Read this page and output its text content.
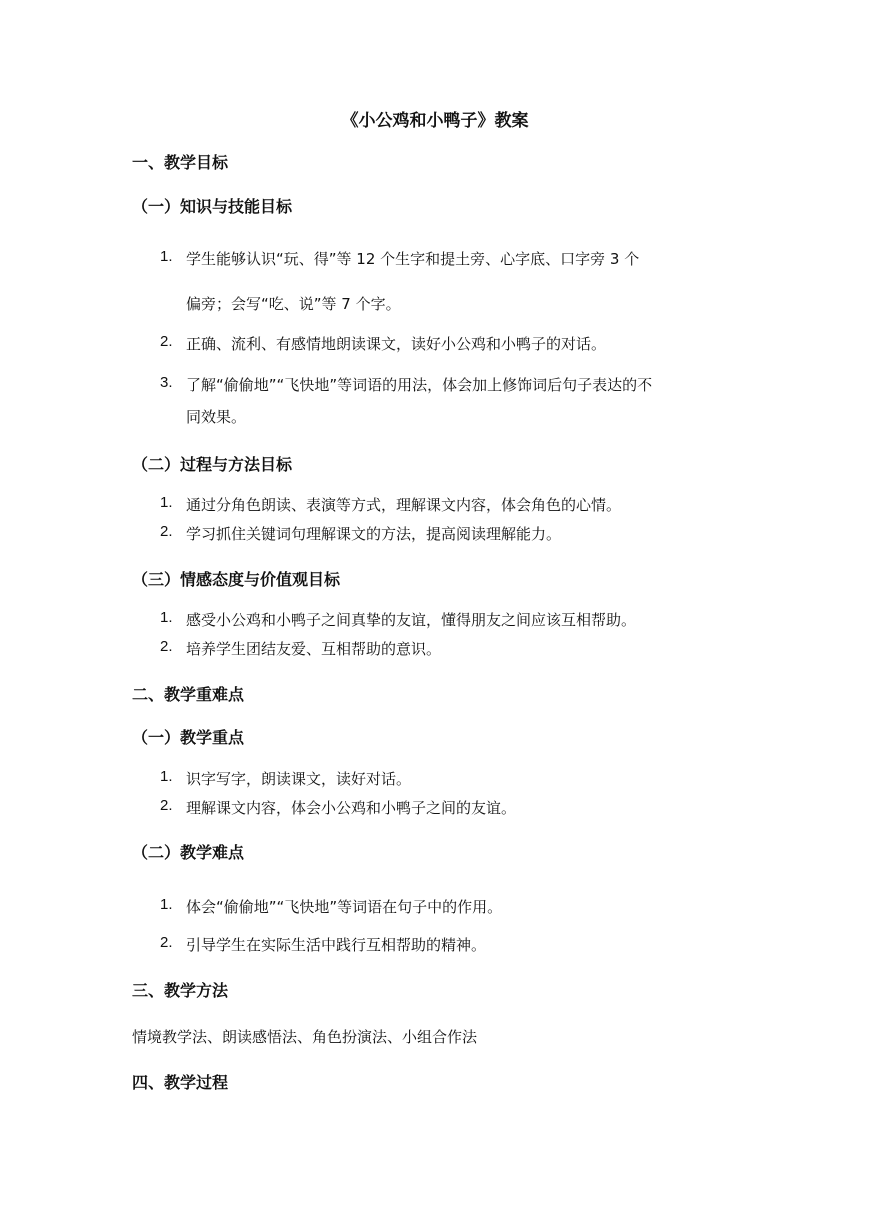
《小公鸡和小鸭子》教案
一、教学目标
（一）知识与技能目标
1. 学生能够认识“玩、得”等 12 个生字和提土旁、心字底、口字旁 3 个
偏旁；会写“吃、说”等 7 个字。
2. 正确、流利、有感情地朗读课文，读好小公鸡和小鸭子的对话。
3. 了解“偷偷地”“飞快地”等词语的用法，体会加上修饰词后句子表达的不
同效果。
（二）过程与方法目标
1. 通过分角色朗读、表演等方式，理解课文内容，体会角色的心情。
2. 学习抓住关键词句理解课文的方法，提高阅读理解能力。
（三）情感态度与价值观目标
1. 感受小公鸡和小鸭子之间真挚的友谊，懂得朋友之间应该互相帮助。
2. 培养学生团结友爱、互相帮助的意识。
二、教学重难点
（一）教学重点
1. 识字写字，朗读课文，读好对话。
2. 理解课文内容，体会小公鸡和小鸭子之间的友谊。
（二）教学难点
1. 体会“偷偷地”“飞快地”等词语在句子中的作用。
2. 引导学生在实际生活中践行互相帮助的精神。
三、教学方法
情境教学法、朗读感悟法、角色扮演法、小组合作法
四、教学过程
